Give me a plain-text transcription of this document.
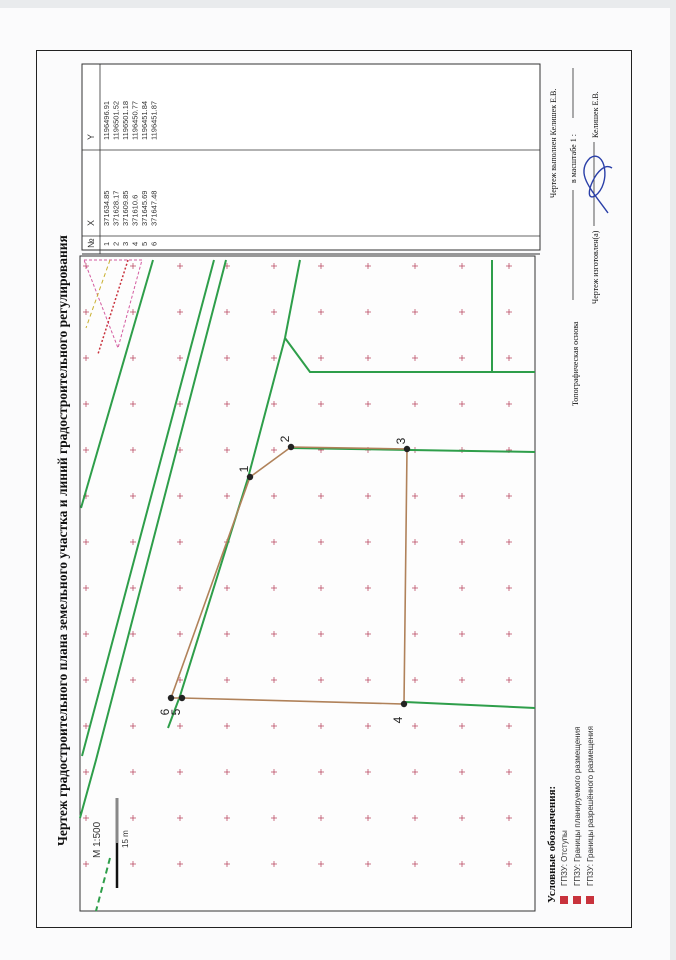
1
2	3
4
5
6
М 1:500 15 m
№
X
Y
1
371634.85
1196496.91
2
371628.17
1196501.52
3
371609.85
1196501.18
4
371610.6
1196450.77
5
371645.69
1196451.84
6
371647.48
1196451.87
Чертеж градостроительного плана земельного участка и линий градостроительного регулирования	Условные обозначения: ГПЗУ: Отступы ГПЗУ: Границы планируемого размещения ГПЗУ: Границы разрешённого размещения
Чертеж выполнен Келишек Е.В.
Топографическая основа
в масштабе 1 :
Чертеж изготовлен(а)
Келишек Е.В.
